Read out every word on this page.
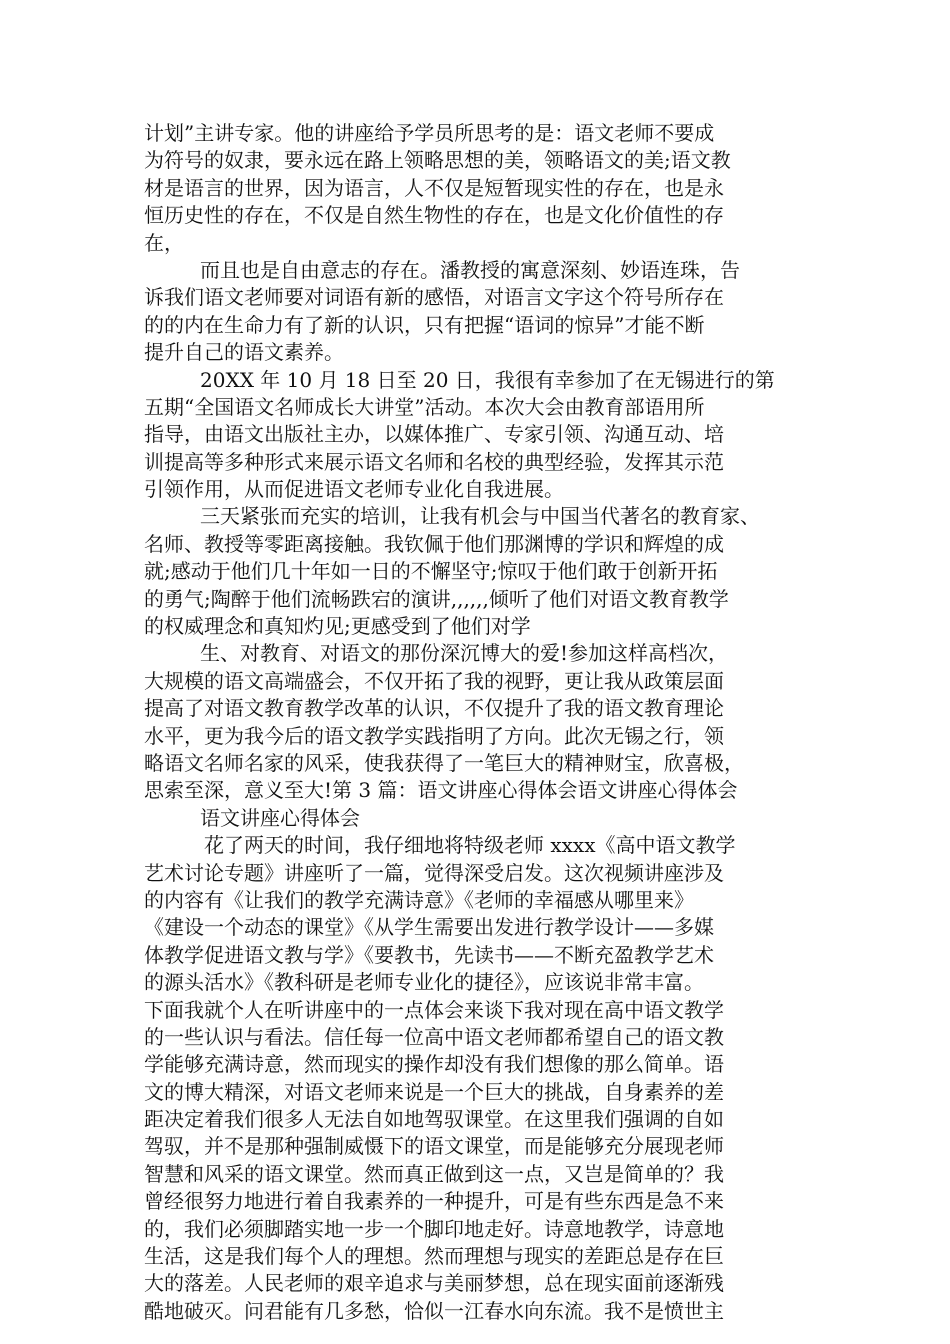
计划”主讲专家。他的讲座给予学员所思考的是：语文老师不要成
为符号的奴隶，要永远在路上领略思想的美，领略语文的美;语文教
材是语言的世界，因为语言，人不仅是短暂现实性的存在，也是永
恒历史性的存在，不仅是自然生物性的存在，也是文化价值性的存
在，
而且也是自由意志的存在。潘教授的寓意深刻、妙语连珠，告
诉我们语文老师要对词语有新的感悟，对语言文字这个符号所存在
的的内在生命力有了新的认识，只有把握“语词的惊异”才能不断
提升自己的语文素养。
20XX 年 10 月 18 日至 20 日，我很有幸参加了在无锡进行的第
五期“全国语文名师成长大讲堂”活动。本次大会由教育部语用所
指导，由语文出版社主办，以媒体推广、专家引领、沟通互动、培
训提高等多种形式来展示语文名师和名校的典型经验，发挥其示范
引领作用，从而促进语文老师专业化自我进展。
三天紧张而充实的培训，让我有机会与中国当代著名的教育家、
名师、教授等零距离接触。我钦佩于他们那渊博的学识和辉煌的成
就;感动于他们几十年如一日的不懈坚守;惊叹于他们敢于创新开拓
的勇气;陶醉于他们流畅跌宕的演讲,,,,,,倾听了他们对语文教育教学
的权威理念和真知灼见;更感受到了他们对学
生、对教育、对语文的那份深沉博大的爱!参加这样高档次，
大规模的语文高端盛会，不仅开拓了我的视野，更让我从政策层面
提高了对语文教育教学改革的认识，不仅提升了我的语文教育理论
水平，更为我今后的语文教学实践指明了方向。此次无锡之行，领
略语文名师名家的风采，使我获得了一笔巨大的精神财宝，欣喜极，
思索至深，意义至大!第 3 篇：语文讲座心得体会语文讲座心得体会
语文讲座心得体会
花了两天的时间，我仔细地将特级老师 xxxx《高中语文教学
艺术讨论专题》讲座听了一篇，觉得深受启发。这次视频讲座涉及
的内容有《让我们的教学充满诗意》《老师的幸福感从哪里来》
《建设一个动态的课堂》《从学生需要出发进行教学设计——多媒
体教学促进语文教与学》《要教书，先读书——不断充盈教学艺术
的源头活水》《教科研是老师专业化的捷径》，应该说非常丰富。
下面我就个人在听讲座中的一点体会来谈下我对现在高中语文教学
的一些认识与看法。信任每一位高中语文老师都希望自己的语文教
学能够充满诗意，然而现实的操作却没有我们想像的那么简单。语
文的博大精深，对语文老师来说是一个巨大的挑战，自身素养的差
距决定着我们很多人无法自如地驾驭课堂。在这里我们强调的自如
驾驭，并不是那种强制威慑下的语文课堂，而是能够充分展现老师
智慧和风采的语文课堂。然而真正做到这一点，又岂是简单的？我
曾经很努力地进行着自我素养的一种提升，可是有些东西是急不来
的，我们必须脚踏实地一步一个脚印地走好。诗意地教学，诗意地
生活，这是我们每个人的理想。然而理想与现实的差距总是存在巨
大的落差。人民老师的艰辛追求与美丽梦想，总在现实面前逐渐残
酷地破灭。问君能有几多愁，恰似一江春水向东流。我不是愤世主
